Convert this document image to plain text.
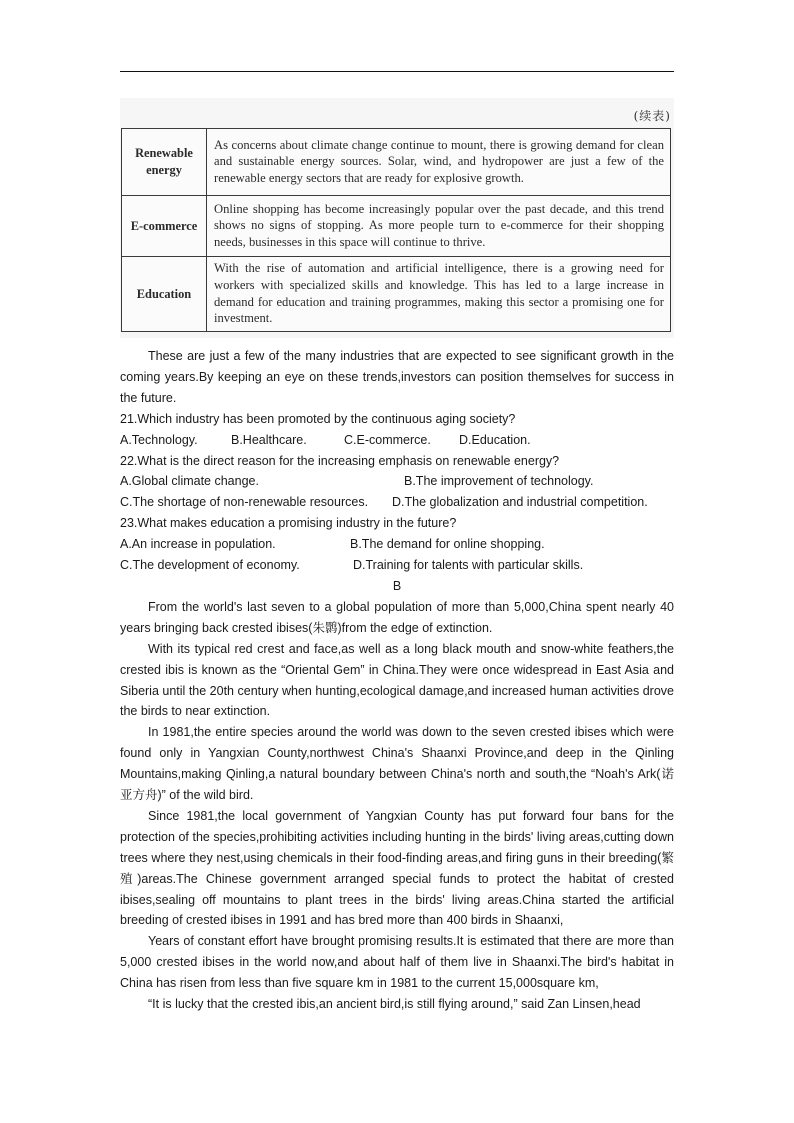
(续表)
Renewable energy	As concerns about climate change continue to mount, there is growing demand for clean and sustainable energy sources. Solar, wind, and hydropower are just a few of the renewable energy sectors that are ready for explosive growth.
E-commerce	Online shopping has become increasingly popular over the past decade, and this trend shows no signs of stopping. As more people turn to e-commerce for their shopping needs, businesses in this space will continue to thrive.
Education	With the rise of automation and artificial intelligence, there is a growing need for workers with specialized skills and knowledge. This has led to a large increase in demand for education and training programmes, making this sector a promising one for investment.

These are just a few of the many industries that are expected to see significant growth in the coming years.By keeping an eye on these trends,investors can position themselves for success in the future.

21.Which industry has been promoted by the continuous aging society?

A.Technology.	B.Healthcare.	C.E-commerce. D.Education.

22.What is the direct reason for the increasing emphasis on renewable energy?

A.Global climate change.	B.The improvement of technology.

C.The shortage of non-renewable resources. D.The globalization and industrial competition.

23.What makes education a promising industry in the future?

A.An increase in population.	B.The demand for online shopping.

C.The development of economy.	D.Training for talents with particular skills.

B

From the world's last seven to a global population of more than 5,000,China spent nearly 40 years bringing back crested ibises(朱鹮)from the edge of extinction.

With its typical red crest and face,as well as a long black mouth and snow-white feathers,the crested ibis is known as the “Oriental Gem” in China.They were once widespread in East Asia and Siberia until the 20th century when hunting,ecological damage,and increased human activities drove the birds to near extinction.

In 1981,the entire species around the world was down to the seven crested ibises which were found only in Yangxian County,northwest China's Shaanxi Province,and deep in the Qinling Mountains,making Qinling,a natural boundary between China's north and south,the “Noah's Ark(诺亚方舟)” of the wild bird.

Since 1981,the local government of Yangxian County has put forward four bans for the protection of the species,prohibiting activities including hunting in the birds' living areas,cutting down trees where they nest,using chemicals in their food-finding areas,and firing guns in their breeding(繁殖)areas.The Chinese government arranged special funds to protect the habitat of crested ibises,sealing off mountains to plant trees in the birds' living areas.China started the artificial breeding of crested ibises in 1991 and has bred more than 400 birds in Shaanxi,

Years of constant effort have brought promising results.It is estimated that there are more than 5,000 crested ibises in the world now,and about half of them live in Shaanxi.The bird's habitat in China has risen from less than five square km in 1981 to the current 15,000square km,

“It is lucky that the crested ibis,an ancient bird,is still flying around,” said Zan Linsen,head
